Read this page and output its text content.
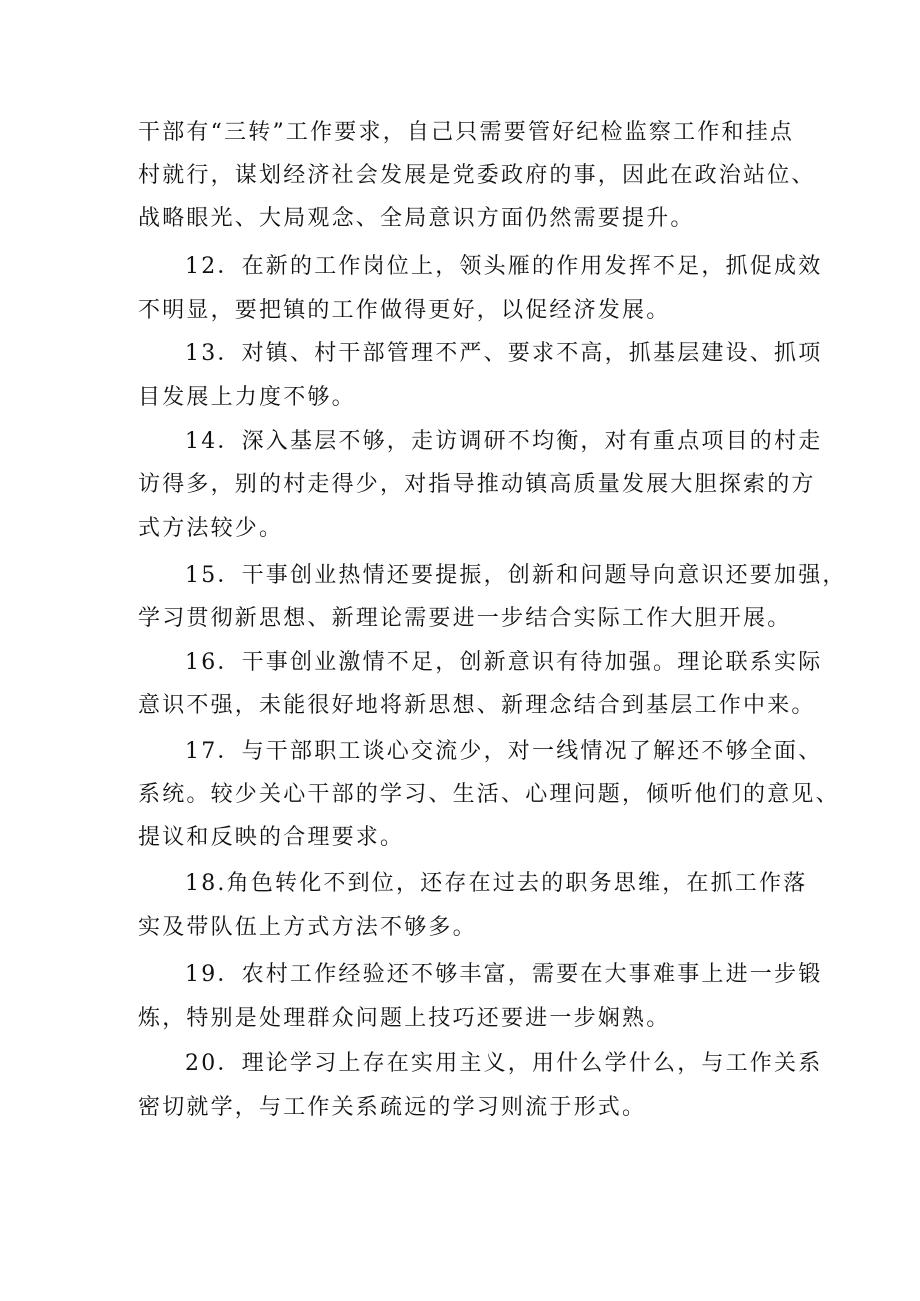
干部有“三转”工作要求，自己只需要管好纪检监察工作和挂点
村就行，谋划经济社会发展是党委政府的事，因此在政治站位、
战略眼光、大局观念、全局意识方面仍然需要提升。
12．在新的工作岗位上，领头雁的作用发挥不足，抓促成效
不明显，要把镇的工作做得更好，以促经济发展。
13．对镇、村干部管理不严、要求不高，抓基层建设、抓项
目发展上力度不够。
14．深入基层不够，走访调研不均衡，对有重点项目的村走
访得多，别的村走得少，对指导推动镇高质量发展大胆探索的方
式方法较少。
15．干事创业热情还要提振，创新和问题导向意识还要加强，
学习贯彻新思想、新理论需要进一步结合实际工作大胆开展。
16．干事创业激情不足，创新意识有待加强。理论联系实际
意识不强，未能很好地将新思想、新理念结合到基层工作中来。
17．与干部职工谈心交流少，对一线情况了解还不够全面、
系统。较少关心干部的学习、生活、心理问题，倾听他们的意见、
提议和反映的合理要求。
18.角色转化不到位，还存在过去的职务思维，在抓工作落
实及带队伍上方式方法不够多。
19．农村工作经验还不够丰富，需要在大事难事上进一步锻
炼，特别是处理群众问题上技巧还要进一步娴熟。
20．理论学习上存在实用主义，用什么学什么，与工作关系
密切就学，与工作关系疏远的学习则流于形式。
